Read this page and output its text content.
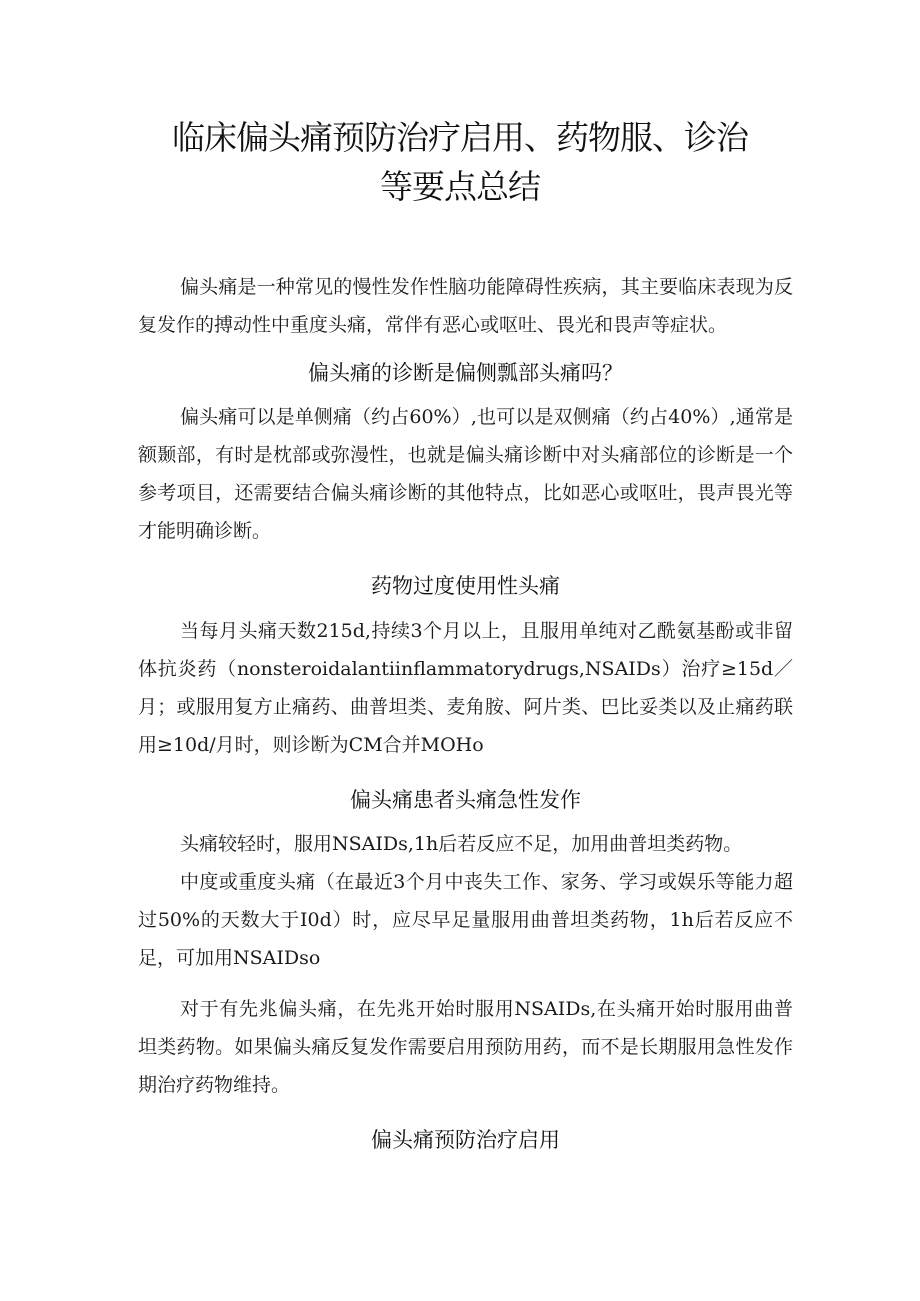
临床偏头痛预防治疗启用、药物服、诊治
等要点总结

偏头痛是一种常见的慢性发作性脑功能障碍性疾病，其主要临床表现为反复发作的搏动性中重度头痛，常伴有恶心或呕吐、畏光和畏声等症状。

偏头痛的诊断是偏侧瓢部头痛吗？

偏头痛可以是单侧痛（约占60%）,也可以是双侧痛（约占40%）,通常是额颞部，有时是枕部或弥漫性，也就是偏头痛诊断中对头痛部位的诊断是一个参考项目，还需要结合偏头痛诊断的其他特点，比如恶心或呕吐，畏声畏光等才能明确诊断。

药物过度使用性头痛

当每月头痛天数215d,持续3个月以上，且服用单纯对乙酰氨基酚或非留体抗炎药（nonsteroidalantiinflammatorydrugs,NSAIDs）治疗≥15d／月；或服用复方止痛药、曲普坦类、麦角胺、阿片类、巴比妥类以及止痛药联用≥10d/月时，则诊断为CM合并MOHo

偏头痛患者头痛急性发作

头痛较轻时，服用NSAIDs,1h后若反应不足，加用曲普坦类药物。

中度或重度头痛（在最近3个月中丧失工作、家务、学习或娱乐等能力超过50%的天数大于I0d）时，应尽早足量服用曲普坦类药物，1h后若反应不足，可加用NSAIDso

对于有先兆偏头痛，在先兆开始时服用NSAIDs,在头痛开始时服用曲普坦类药物。如果偏头痛反复发作需要启用预防用药，而不是长期服用急性发作期治疗药物维持。

偏头痛预防治疗启用
